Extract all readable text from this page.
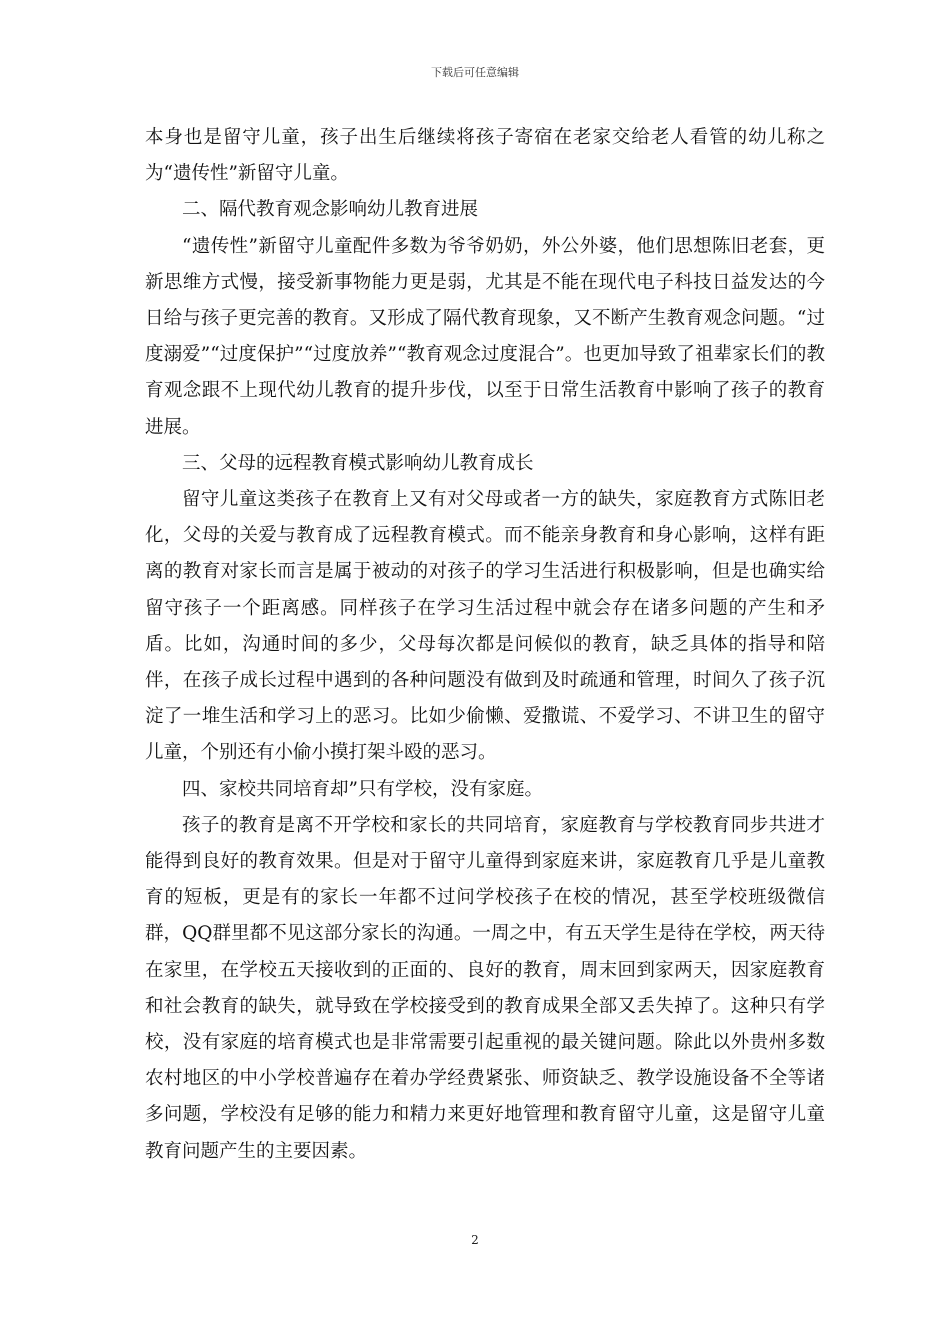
下载后可任意编辑

本身也是留守儿童，孩子出生后继续将孩子寄宿在老家交给老人看管的幼儿称之为“遗传性”新留守儿童。

二、隔代教育观念影响幼儿教育进展

“遗传性”新留守儿童配件多数为爷爷奶奶，外公外婆，他们思想陈旧老套，更新思维方式慢，接受新事物能力更是弱，尤其是不能在现代电子科技日益发达的今日给与孩子更完善的教育。又形成了隔代教育现象，又不断产生教育观念问题。“过度溺爱”“过度保护”“过度放养”“教育观念过度混合”。也更加导致了祖辈家长们的教育观念跟不上现代幼儿教育的提升步伐，以至于日常生活教育中影响了孩子的教育进展。

三、父母的远程教育模式影响幼儿教育成长

留守儿童这类孩子在教育上又有对父母或者一方的缺失，家庭教育方式陈旧老化，父母的关爱与教育成了远程教育模式。而不能亲身教育和身心影响，这样有距离的教育对家长而言是属于被动的对孩子的学习生活进行积极影响，但是也确实给留守孩子一个距离感。同样孩子在学习生活过程中就会存在诸多问题的产生和矛盾。比如，沟通时间的多少，父母每次都是问候似的教育，缺乏具体的指导和陪伴，在孩子成长过程中遇到的各种问题没有做到及时疏通和管理，时间久了孩子沉淀了一堆生活和学习上的恶习。比如少偷懒、爱撒谎、不爱学习、不讲卫生的留守儿童，个别还有小偷小摸打架斗殴的恶习。

四、家校共同培育却”只有学校，没有家庭。

孩子的教育是离不开学校和家长的共同培育，家庭教育与学校教育同步共进才能得到良好的教育效果。但是对于留守儿童得到家庭来讲，家庭教育几乎是儿童教育的短板，更是有的家长一年都不过问学校孩子在校的情况，甚至学校班级微信群，QQ群里都不见这部分家长的沟通。一周之中，有五天学生是待在学校，两天待在家里，在学校五天接收到的正面的、良好的教育，周末回到家两天，因家庭教育和社会教育的缺失，就导致在学校接受到的教育成果全部又丢失掉了。这种只有学校，没有家庭的培育模式也是非常需要引起重视的最关键问题。除此以外贵州多数农村地区的中小学校普遍存在着办学经费紧张、师资缺乏、教学设施设备不全等诸多问题，学校没有足够的能力和精力来更好地管理和教育留守儿童，这是留守儿童教育问题产生的主要因素。

2
